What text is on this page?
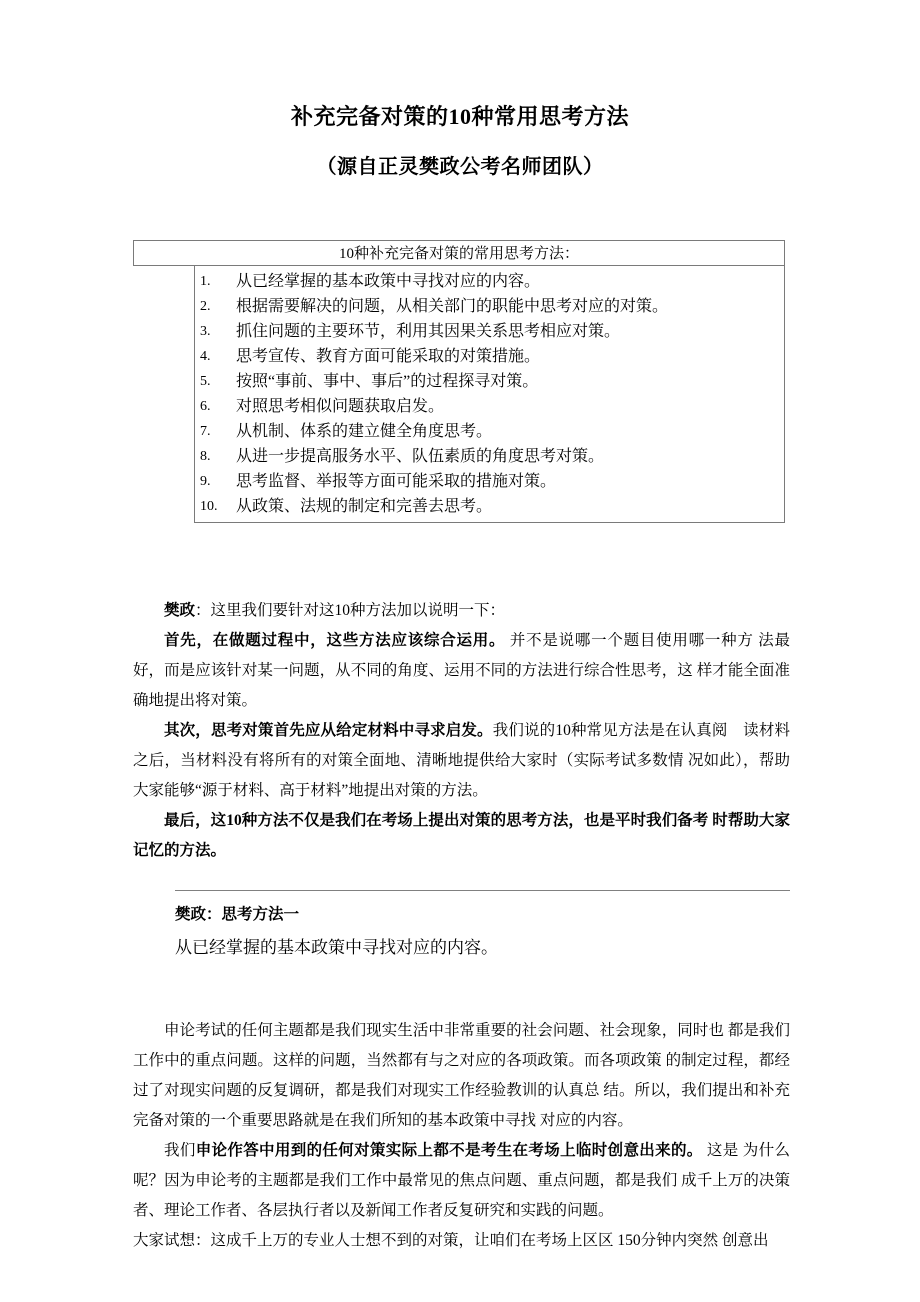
补充完备对策的10种常用思考方法
（源自正灵樊政公考名师团队）
10种补充完备对策的常用思考方法：
1.	从已经掌握的基本政策中寻找对应的内容。
2.	根据需要解决的问题，从相关部门的职能中思考对应的对策。
3.	抓住问题的主要环节，利用其因果关系思考相应对策。
4.	思考宣传、教育方面可能采取的对策措施。
5.	按照“事前、事中、事后”的过程探寻对策。
6.	对照思考相似问题获取启发。
7.	从机制、体系的建立健全角度思考。
8.	从进一步提高服务水平、队伍素质的角度思考对策。
9.	思考监督、举报等方面可能采取的措施对策。
10.	从政策、法规的制定和完善去思考。

樊政：这里我们要针对这10种方法加以说明一下：

首先，在做题过程中，这些方法应该综合运用。 并不是说哪一个题目使用哪一种方 法最好，而是应该针对某一问题，从不同的角度、运用不同的方法进行综合性思考，这 样才能全面准确地提出将对策。

其次，思考对策首先应从给定材料中寻求启发。我们说的10种常见方法是在认真阅　读材料之后，当材料没有将所有的对策全面地、清晰地提供给大家时（实际考试多数情 况如此），帮助大家能够“源于材料、高于材料”地提出对策的方法。

最后，这10种方法不仅是我们在考场上提出对策的思考方法，也是平时我们备考 时帮助大家记忆的方法。

樊政：思考方法一
从已经掌握的基本政策中寻找对应的内容。

申论考试的任何主题都是我们现实生活中非常重要的社会问题、社会现象，同时也 都是我们工作中的重点问题。这样的问题，当然都有与之对应的各项政策。而各项政策 的制定过程，都经过了对现实问题的反复调研，都是我们对现实工作经验教训的认真总 结。所以，我们提出和补充完备对策的一个重要思路就是在我们所知的基本政策中寻找 对应的内容。

我们申论作答中用到的任何对策实际上都不是考生在考场上临时创意出来的。 这是 为什么呢？因为申论考的主题都是我们工作中最常见的焦点问题、重点问题，都是我们 成千上万的决策者、理论工作者、各层执行者以及新闻工作者反复研究和实践的问题。

大家试想：这成千上万的专业人士想不到的对策，让咱们在考场上区区 150分钟内突然 创意出
